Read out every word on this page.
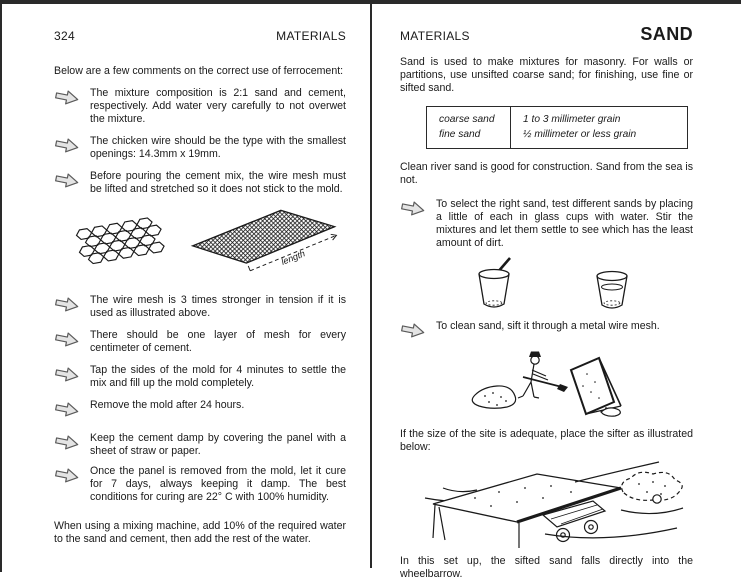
324	MATERIALS

Below are a few comments on the correct use of ferrocement:

The mixture composition is 2:1 sand and cement, respectively. Add water very carefully to not overwet the mixture.

The chicken wire should be the type with the smallest openings: 14.3mm x 19mm.

Before pouring the cement mix, the wire mesh must be lifted and stretched so it does not stick to the mold.

length

The wire mesh is 3 times stronger in tension if it is used as illustrated above.

There should be one layer of mesh for every centimeter of cement.

Tap the sides of the mold for 4 minutes to settle the mix and fill up the mold completely.

Remove the mold after 24 hours.

Keep the cement damp by covering the panel with a sheet of straw or paper.

Once the panel is removed from the mold, let it cure for 7 days, always keeping it damp. The best conditions for curing are 22° C with 100% humidity.

When using a mixing machine, add 10% of the required water to the sand and cement, then add the rest of the water.

MATERIALS	SAND

Sand is used to make mixtures for masonry. For walls or partitions, use unsifted coarse sand; for finishing, use fine or sifted sand.

coarse sand
fine sand
1 to 3 millimeter grain
½ millimeter or less grain

Clean river sand is good for construction. Sand from the sea is not.

To select the right sand, test different sands by placing a little of each in glass cups with water. Stir the mixtures and let them settle to see which has the least amount of dirt.

To clean sand, sift it through a metal wire mesh.

If the size of the site is adequate, place the sifter as illustrated below:

In this set up, the sifted sand falls directly into the wheelbarrow.
